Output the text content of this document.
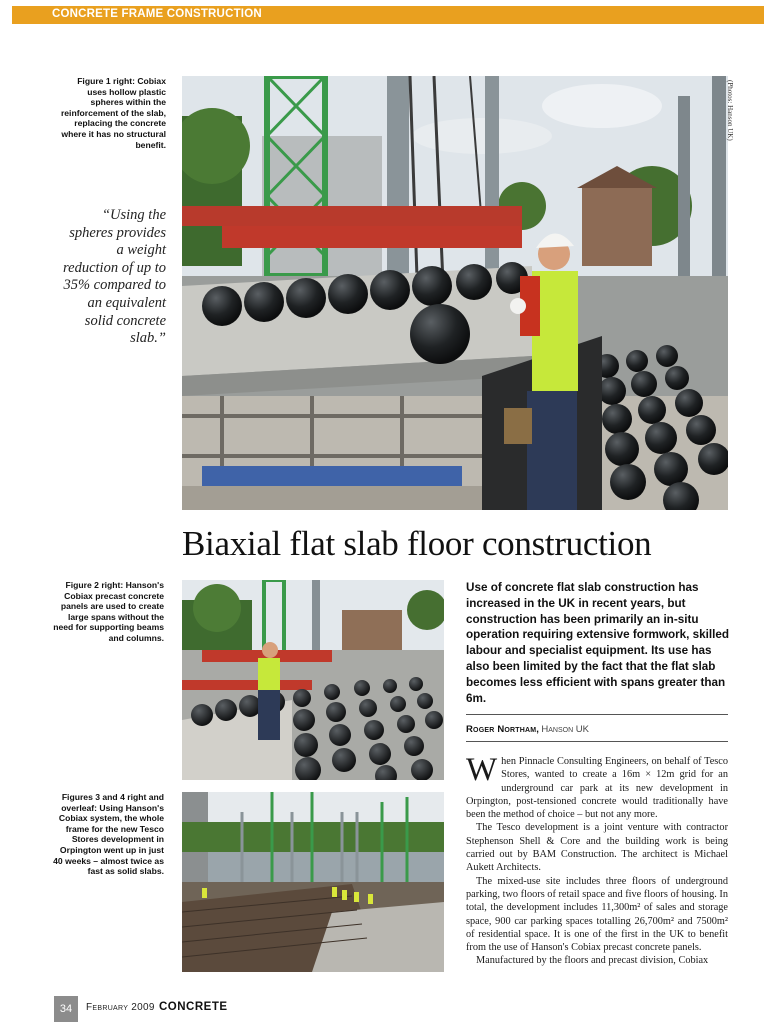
CONCRETE FRAME CONSTRUCTION
Figure 1 right: Cobiax uses hollow plastic spheres within the reinforcement of the slab, replacing the concrete where it has no structural benefit.
“Using the spheres provides a weight reduction of up to 35% compared to an equivalent solid concrete slab.”
(Photos: Hanson UK)
Biaxial flat slab floor construction
Figure 2 right: Hanson's Cobiax precast concrete panels are used to create large spans without the need for supporting beams and columns.
Figures 3 and 4 right and overleaf: Using Hanson's Cobiax system, the whole frame for the new Tesco Stores development in Orpington went up in just 40 weeks – almost twice as fast as solid slabs.
Use of concrete flat slab construction has increased in the UK in recent years, but construction has been primarily an in-situ operation requiring extensive formwork, skilled labour and specialist equipment. Its use has also been limited by the fact that the flat slab becomes less efficient with spans greater than 6m.
Roger Northam, Hanson UK

When Pinnacle Consulting Engineers, on behalf of Tesco Stores, wanted to create a 16m × 12m grid for an underground car park at its new development in Orpington, post-tensioned concrete would traditionally have been the method of choice – but not any more.

The Tesco development is a joint venture with contractor Stephenson Shell & Core and the building work is being carried out by BAM Construction. The architect is Michael Aukett Architects.

The mixed-use site includes three floors of underground parking, two floors of retail space and five floors of housing. In total, the development includes 11,300m² of sales and storage space, 900 car parking spaces totalling 26,700m² and 7500m² of residential space. It is one of the first in the UK to benefit from the use of Hanson's Cobiax precast concrete panels.

Manufactured by the floors and precast division, Cobiax

34	February 2009 CONCRETE
